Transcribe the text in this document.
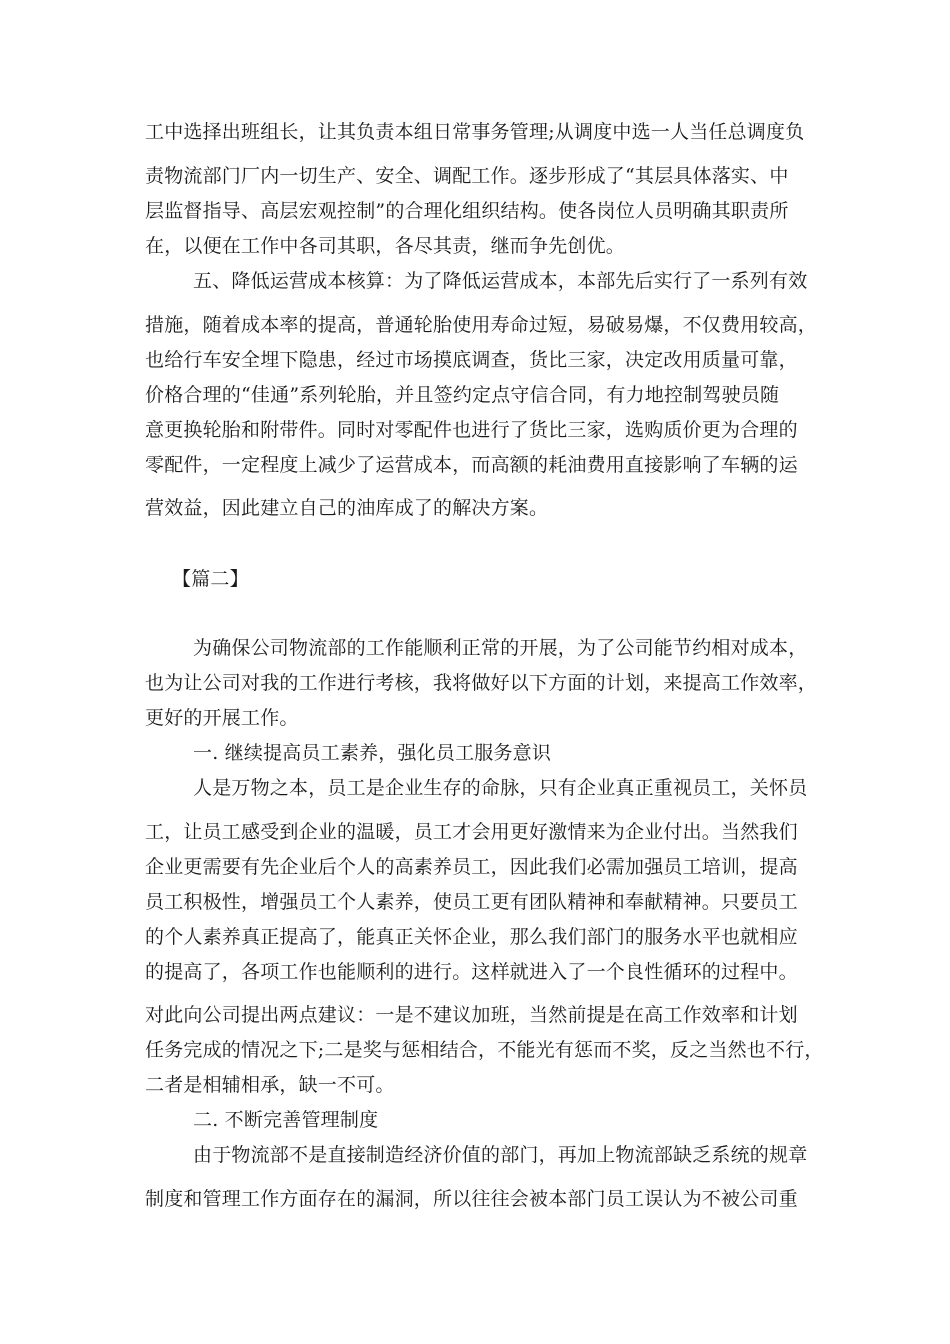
工中选择出班组长，让其负责本组日常事务管理;从调度中选一人当任总调度负
责物流部门厂内一切生产、安全、调配工作。逐步形成了“其层具体落实、中
层监督指导、高层宏观控制”的合理化组织结构。使各岗位人员明确其职责所
在，以便在工作中各司其职，各尽其责，继而争先创优。
五、降低运营成本核算：为了降低运营成本，本部先后实行了一系列有效
措施，随着成本率的提高，普通轮胎使用寿命过短，易破易爆，不仅费用较高，
也给行车安全埋下隐患，经过市场摸底调查，货比三家，决定改用质量可靠，
价格合理的“佳通”系列轮胎，并且签约定点守信合同，有力地控制驾驶员随
意更换轮胎和附带件。同时对零配件也进行了货比三家，选购质价更为合理的
零配件，一定程度上减少了运营成本，而高额的耗油费用直接影响了车辆的运
营效益，因此建立自己的油库成了的解决方案。
【篇二】
为确保公司物流部的工作能顺利正常的开展，为了公司能节约相对成本，
也为让公司对我的工作进行考核，我将做好以下方面的计划，来提高工作效率，
更好的开展工作。
一. 继续提高员工素养，强化员工服务意识
人是万物之本，员工是企业生存的命脉，只有企业真正重视员工，关怀员
工，让员工感受到企业的温暖，员工才会用更好激情来为企业付出。当然我们
企业更需要有先企业后个人的高素养员工，因此我们必需加强员工培训，提高
员工积极性，增强员工个人素养，使员工更有团队精神和奉献精神。只要员工
的个人素养真正提高了，能真正关怀企业，那么我们部门的服务水平也就相应
的提高了，各项工作也能顺利的进行。这样就进入了一个良性循环的过程中。
对此向公司提出两点建议：一是不建议加班，当然前提是在高工作效率和计划
任务完成的情况之下;二是奖与惩相结合，不能光有惩而不奖，反之当然也不行，
二者是相辅相承，缺一不可。
二. 不断完善管理制度
由于物流部不是直接制造经济价值的部门，再加上物流部缺乏系统的规章
制度和管理工作方面存在的漏洞，所以往往会被本部门员工误认为不被公司重
